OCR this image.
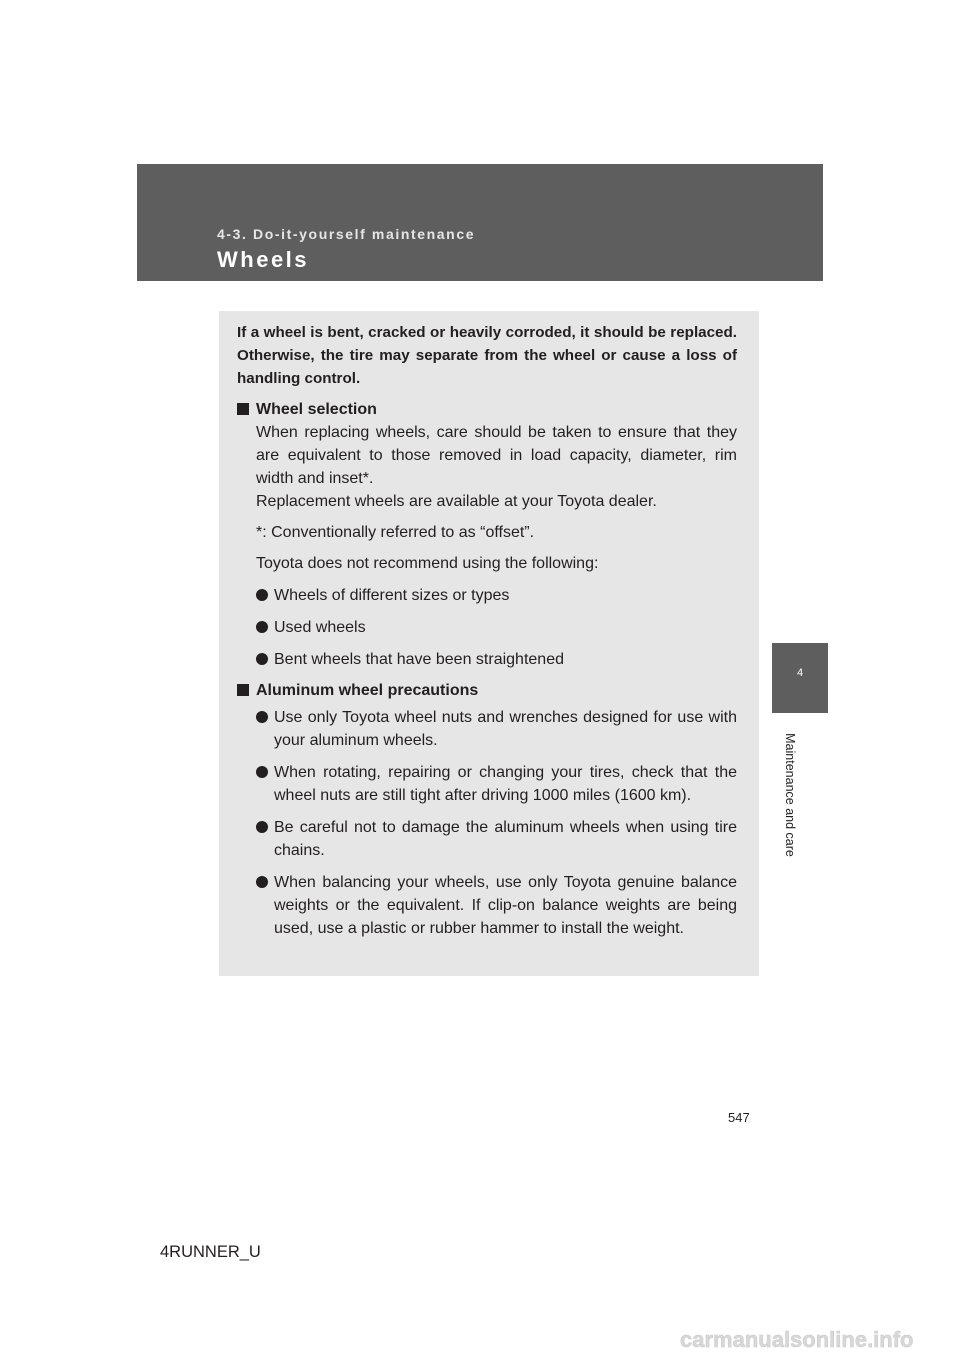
4-3. Do-it-yourself maintenance
Wheels
4
Maintenance and care

If a wheel is bent, cracked or heavily corroded, it should be replaced. Otherwise, the tire may separate from the wheel or cause a loss of handling control.

Wheel selection

When replacing wheels, care should be taken to ensure that they are equivalent to those removed in load capacity, diameter, rim width and inset*.

Replacement wheels are available at your Toyota dealer.

*: Conventionally referred to as “offset”.

Toyota does not recommend using the following:

Wheels of different sizes or types
Used wheels
Bent wheels that have been straightened
Aluminum wheel precautions
Use only Toyota wheel nuts and wrenches designed for use with your aluminum wheels.
When rotating, repairing or changing your tires, check that the wheel nuts are still tight after driving 1000 miles (1600 km).
Be careful not to damage the aluminum wheels when using tire chains.
When balancing your wheels, use only Toyota genuine balance weights or the equivalent. If clip-on balance weights are being used, use a plastic or rubber hammer to install the weight.
547
4RUNNER_U
carmanualsonline.info
